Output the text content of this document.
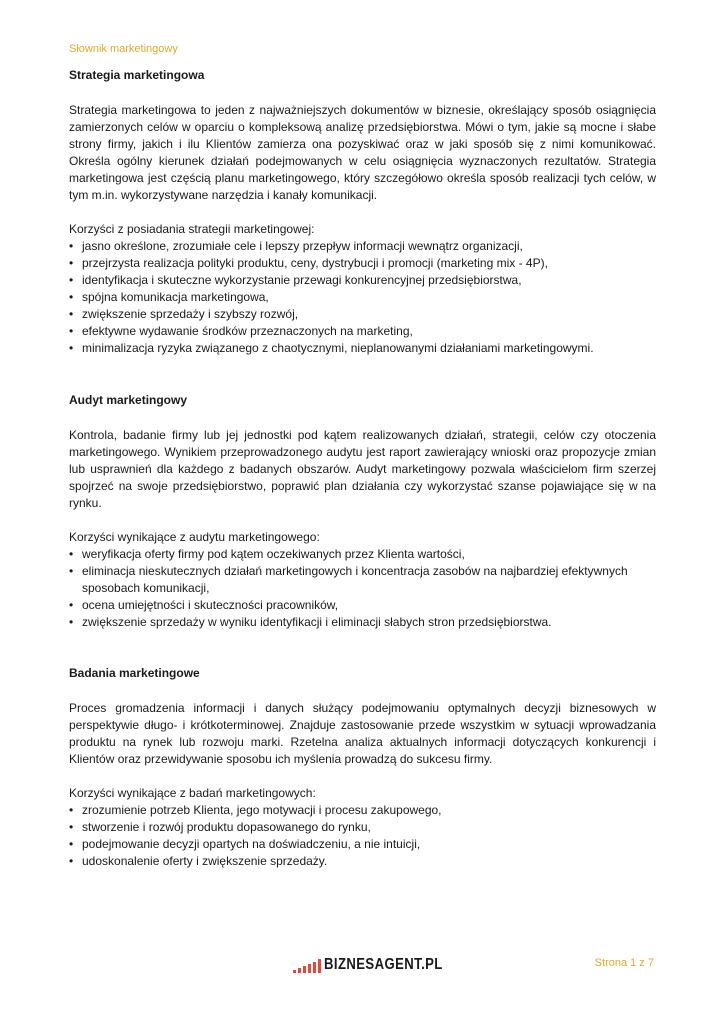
Słownik marketingowy
Strategia marketingowa

Strategia marketingowa to jeden z najważniejszych dokumentów w biznesie, określający sposób osiągnięcia zamierzonych celów w oparciu o kompleksową analizę przedsiębiorstwa. Mówi o tym, jakie są mocne i słabe strony firmy, jakich i ilu Klientów zamierza ona pozyskiwać oraz w jaki sposób się z nimi komunikować. Określa ogólny kierunek działań podejmowanych w celu osiągnięcia wyznaczonych rezultatów. Strategia marketingowa jest częścią planu marketingowego, który szczegółowo określa sposób realizacji tych celów, w tym m.in. wykorzystywane narzędzia i kanały komunikacji.

Korzyści z posiadania strategii marketingowej:

• jasno określone, zrozumiałe cele i lepszy przepływ informacji wewnątrz organizacji,
• przejrzysta realizacja polityki produktu, ceny, dystrybucji i promocji (marketing mix - 4P),
• identyfikacja i skuteczne wykorzystanie przewagi konkurencyjnej przedsiębiorstwa,
• spójna komunikacja marketingowa,
• zwiększenie sprzedaży i szybszy rozwój,
• efektywne wydawanie środków przeznaczonych na marketing,
• minimalizacja ryzyka związanego z chaotycznymi, nieplanowanymi działaniami marketingowymi.
Audyt marketingowy

Kontrola, badanie firmy lub jej jednostki pod kątem realizowanych działań, strategii, celów czy otoczenia marketingowego. Wynikiem przeprowadzonego audytu jest raport zawierający wnioski oraz propozycje zmian lub usprawnień dla każdego z badanych obszarów. Audyt marketingowy pozwala właścicielom firm szerzej spojrzeć na swoje przedsiębiorstwo, poprawić plan działania czy wykorzystać szanse pojawiające się w na rynku.

Korzyści wynikające z audytu marketingowego:

• weryfikacja oferty firmy pod kątem oczekiwanych przez Klienta wartości,
• eliminacja nieskutecznych działań marketingowych i koncentracja zasobów na najbardziej efektywnych sposobach komunikacji,
• ocena umiejętności i skuteczności pracowników,
• zwiększenie sprzedaży w wyniku identyfikacji i eliminacji słabych stron przedsiębiorstwa.
Badania marketingowe

Proces gromadzenia informacji i danych służący podejmowaniu optymalnych decyzji biznesowych w perspektywie długo- i krótkoterminowej. Znajduje zastosowanie przede wszystkim w sytuacji wprowadzania produktu na rynek lub rozwoju marki. Rzetelna analiza aktualnych informacji dotyczących konkurencji i Klientów oraz przewidywanie sposobu ich myślenia prowadzą do sukcesu firmy.

Korzyści wynikające z badań marketingowych:

• zrozumienie potrzeb Klienta, jego motywacji i procesu zakupowego,
• stworzenie i rozwój produktu dopasowanego do rynku,
• podejmowanie decyzji opartych na doświadczeniu, a nie intuicji,
• udoskonalenie oferty i zwiększenie sprzedaży.
BIZNESAGENT.PL	Strona 1 z 7
